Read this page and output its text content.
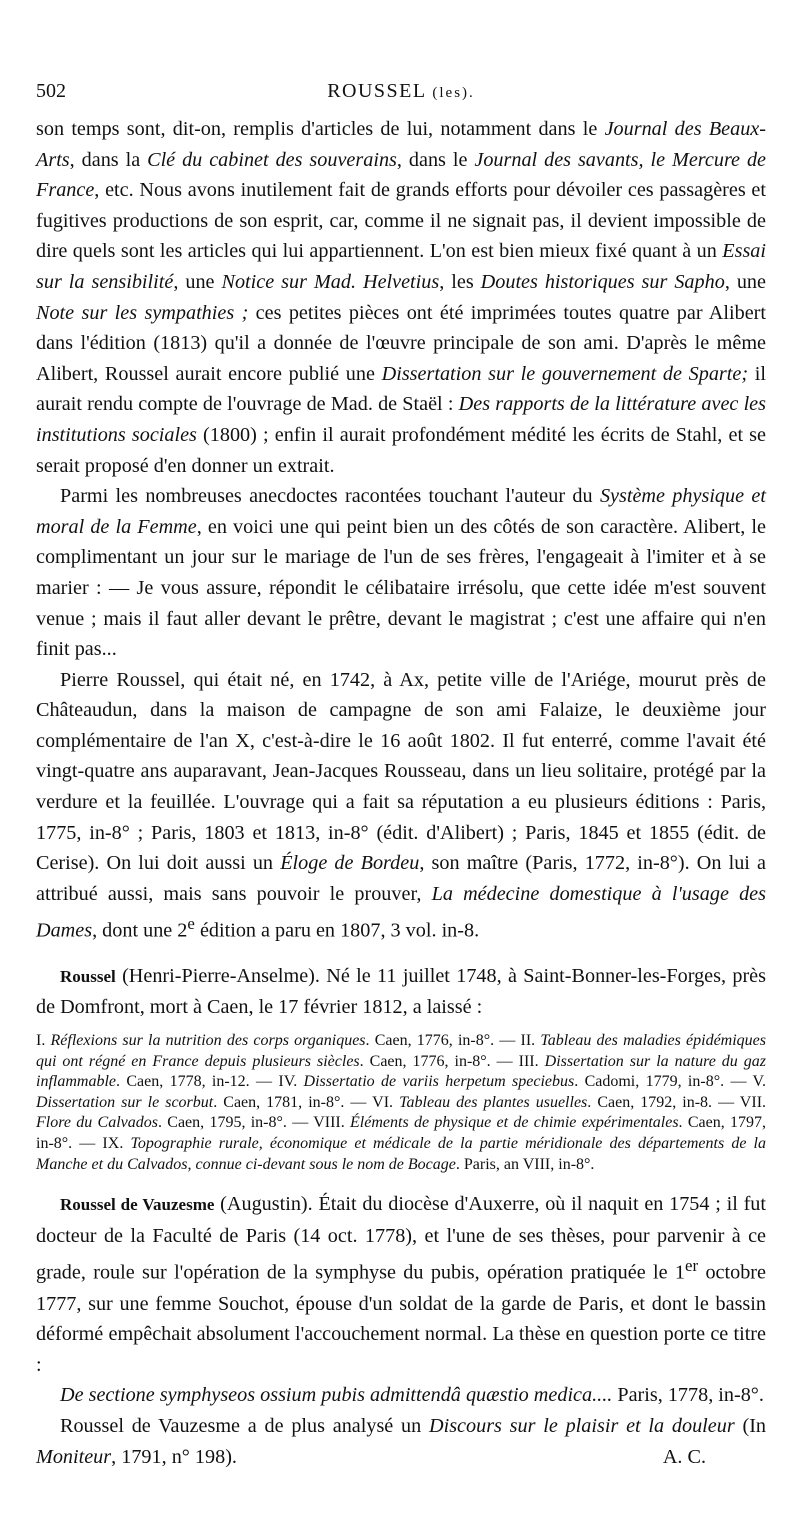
502	ROUSSEL (les).

son temps sont, dit-on, remplis d'articles de lui, notamment dans le Journal des Beaux-Arts, dans la Clé du cabinet des souverains, dans le Journal des savants, le Mercure de France, etc. Nous avons inutilement fait de grands efforts pour dévoiler ces passagères et fugitives productions de son esprit, car, comme il ne signait pas, il devient impossible de dire quels sont les articles qui lui appartiennent. L'on est bien mieux fixé quant à un Essai sur la sensibilité, une Notice sur Mad. Helvetius, les Doutes historiques sur Sapho, une Note sur les sympathies ; ces petites pièces ont été imprimées toutes quatre par Alibert dans l'édition (1813) qu'il a donnée de l'œuvre principale de son ami. D'après le même Alibert, Roussel aurait encore publié une Dissertation sur le gouvernement de Sparte; il aurait rendu compte de l'ouvrage de Mad. de Staël : Des rapports de la littérature avec les institutions sociales (1800) ; enfin il aurait profondément médité les écrits de Stahl, et se serait proposé d'en donner un extrait.

Parmi les nombreuses anecdoctes racontées touchant l'auteur du Système physique et moral de la Femme, en voici une qui peint bien un des côtés de son caractère. Alibert, le complimentant un jour sur le mariage de l'un de ses frères, l'engageait à l'imiter et à se marier : — Je vous assure, répondit le célibataire irrésolu, que cette idée m'est souvent venue ; mais il faut aller devant le prêtre, devant le magistrat ; c'est une affaire qui n'en finit pas...

Pierre Roussel, qui était né, en 1742, à Ax, petite ville de l'Ariége, mourut près de Châteaudun, dans la maison de campagne de son ami Falaize, le deuxième jour complémentaire de l'an X, c'est-à-dire le 16 août 1802. Il fut enterré, comme l'avait été vingt-quatre ans auparavant, Jean-Jacques Rousseau, dans un lieu solitaire, protégé par la verdure et la feuillée. L'ouvrage qui a fait sa réputation a eu plusieurs éditions : Paris, 1775, in-8° ; Paris, 1803 et 1813, in-8° (édit. d'Alibert) ; Paris, 1845 et 1855 (édit. de Cerise). On lui doit aussi un Éloge de Bordeu, son maître (Paris, 1772, in-8°). On lui a attribué aussi, mais sans pouvoir le prouver, La médecine domestique à l'usage des Dames, dont une 2e édition a paru en 1807, 3 vol. in-8.

Roussel (Henri-Pierre-Anselme). Né le 11 juillet 1748, à Saint-Bonner-les-Forges, près de Domfront, mort à Caen, le 17 février 1812, a laissé :

I. Réflexions sur la nutrition des corps organiques. Caen, 1776, in-8°. — II. Tableau des maladies épidémiques qui ont régné en France depuis plusieurs siècles. Caen, 1776, in-8°. — III. Dissertation sur la nature du gaz inflammable. Caen, 1778, in-12. — IV. Dissertatio de variis herpetum speciebus. Cadomi, 1779, in-8°. — V. Dissertation sur le scorbut. Caen, 1781, in-8°. — VI. Tableau des plantes usuelles. Caen, 1792, in-8. — VII. Flore du Calvados. Caen, 1795, in-8°. — VIII. Éléments de physique et de chimie expérimentales. Caen, 1797, in-8°. — IX. Topographie rurale, économique et médicale de la partie méridionale des départements de la Manche et du Calvados, connue ci-devant sous le nom de Bocage. Paris, an VIII, in-8°.

Roussel de Vauzesme (Augustin). Était du diocèse d'Auxerre, où il naquit en 1754 ; il fut docteur de la Faculté de Paris (14 oct. 1778), et l'une de ses thèses, pour parvenir à ce grade, roule sur l'opération de la symphyse du pubis, opération pratiquée le 1er octobre 1777, sur une femme Souchot, épouse d'un soldat de la garde de Paris, et dont le bassin déformé empêchait absolument l'accouchement normal. La thèse en question porte ce titre :

De sectione symphyseos ossium pubis admittendâ quæstio medica.... Paris, 1778, in-8°.

Roussel de Vauzesme a de plus analysé un Discours sur le plaisir et la douleur (In Moniteur, 1791, n° 198).	A. C.
